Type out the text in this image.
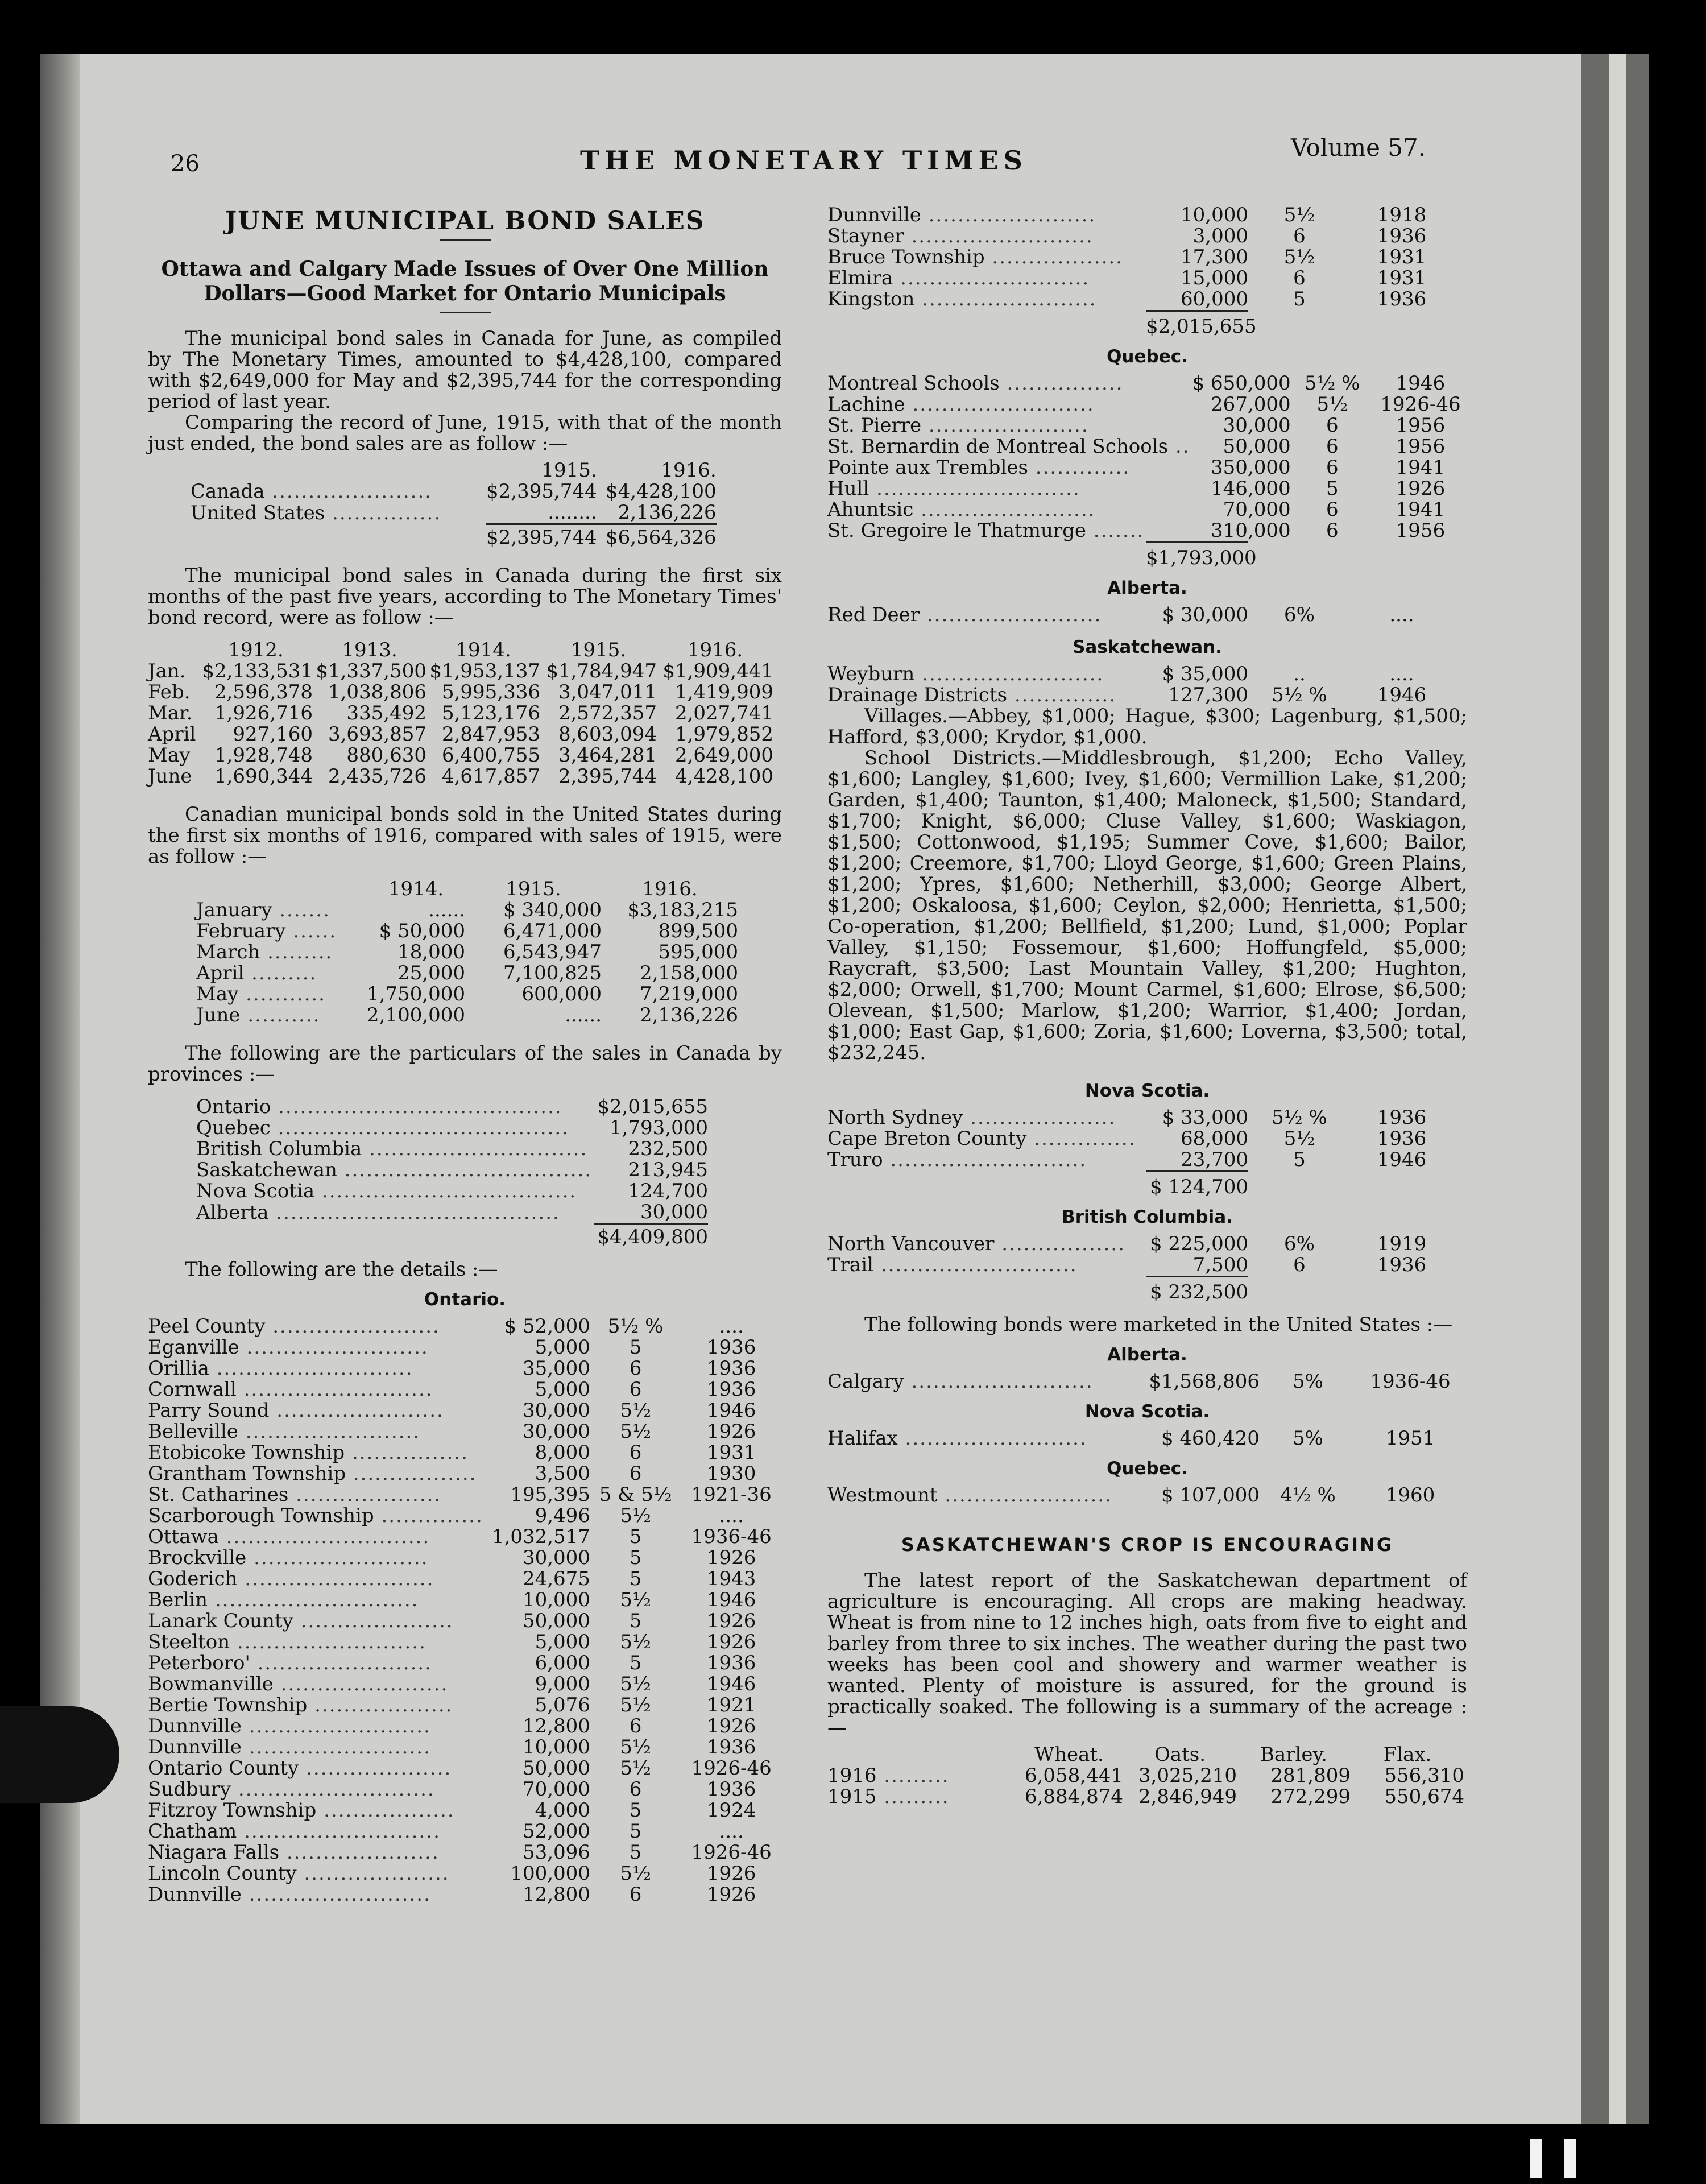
26	THE MONETARY TIMES	Volume 57.
JUNE MUNICIPAL BOND SALES
Ottawa and Calgary Made Issues of Over One Million
Dollars—Good Market for Ontario Municipals

The municipal bond sales in Canada for June, as compiled by The Monetary Times, amounted to $4,428,100, compared with $2,649,000 for May and $2,395,744 for the corresponding period of last year.

Comparing the record of June, 1915, with that of the month just ended, the bond sales are as follow :—

	1915.	1916.
Canada ......................	$2,395,744	$4,428,100
United States ...............	........	2,136,226
	$2,395,744	$6,564,326

The municipal bond sales in Canada during the first six months of the past five years, according to The Monetary Times' bond record, were as follow :—

	1912.	1913.	1914.	1915.	1916.
Jan.	$2,133,531	$1,337,500	$1,953,137	$1,784,947	$1,909,441
Feb.	2,596,378	1,038,806	5,995,336	3,047,011	1,419,909
Mar.	1,926,716	335,492	5,123,176	2,572,357	2,027,741
April	927,160	3,693,857	2,847,953	8,603,094	1,979,852
May	1,928,748	880,630	6,400,755	3,464,281	2,649,000
June	1,690,344	2,435,726	4,617,857	2,395,744	4,428,100

Canadian municipal bonds sold in the United States during the first six months of 1916, compared with sales of 1915, were as follow :—

	1914.	1915.	1916.
January .......	......	$ 340,000	$3,183,215
February ......	$ 50,000	6,471,000	899,500
March .........	18,000	6,543,947	595,000
April .........	25,000	7,100,825	2,158,000
May ...........	1,750,000	600,000	7,219,000
June ..........	2,100,000	......	2,136,226

The following are the particulars of the sales in Canada by provinces :—

Ontario .......................................	$2,015,655
Quebec ........................................	1,793,000
British Columbia ..............................	232,500
Saskatchewan ..................................	213,945
Nova Scotia ...................................	124,700
Alberta .......................................	30,000
	$4,409,800

The following are the details :—

Ontario.
Peel County .......................	$ 52,000	5½ %	....
Eganville .........................	5,000	5	1936
Orillia ...........................	35,000	6	1936
Cornwall ..........................	5,000	6	1936
Parry Sound .......................	30,000	5½	1946
Belleville ........................	30,000	5½	1926
Etobicoke Township ................	8,000	6	1931
Grantham Township .................	3,500	6	1930
St. Catharines ....................	195,395	5 & 5½	1921-36
Scarborough Township ..............	9,496	5½	....
Ottawa ............................	1,032,517	5	1936-46
Brockville ........................	30,000	5	1926
Goderich ..........................	24,675	5	1943
Berlin ............................	10,000	5½	1946
Lanark County .....................	50,000	5	1926
Steelton ..........................	5,000	5½	1926
Peterboro' ........................	6,000	5	1936
Bowmanville .......................	9,000	5½	1946
Bertie Township ...................	5,076	5½	1921
Dunnville .........................	12,800	6	1926
Dunnville .........................	10,000	5½	1936
Ontario County ....................	50,000	5½	1926-46
Sudbury ...........................	70,000	6	1936
Fitzroy Township ..................	4,000	5	1924
Chatham ...........................	52,000	5	....
Niagara Falls .....................	53,096	5	1926-46
Lincoln County ....................	100,000	5½	1926
Dunnville .........................	12,800	6	1926
Dunnville .......................	10,000	5½	1918
Stayner .........................	3,000	6	1936
Bruce Township ..................	17,300	5½	1931
Elmira ..........................	15,000	6	1931
Kingston ........................	60,000	5	1936
$2,015,655
Quebec.
Montreal Schools ................	$ 650,000	5½ %	1946
Lachine .........................	267,000	5½	1926-46
St. Pierre ......................	30,000	6	1956
St. Bernardin de Montreal Schools ..	50,000	6	1956
Pointe aux Trembles .............	350,000	6	1941
Hull ............................	146,000	5	1926
Ahuntsic ........................	70,000	6	1941
St. Gregoire le Thatmurge .......	310,000	6	1956
$1,793,000
Alberta.
Red Deer ........................	$ 30,000	6%	....
Saskatchewan.
Weyburn .........................	$ 35,000	..	....
Drainage Districts ..............	127,300	5½ %	1946

Villages.—Abbey, $1,000; Hague, $300; Lagenburg, $1,500; Hafford, $3,000; Krydor, $1,000.

School Districts.—Middlesbrough, $1,200; Echo Valley, $1,600; Langley, $1,600; Ivey, $1,600; Vermillion Lake, $1,200; Garden, $1,400; Taunton, $1,400; Maloneck, $1,500; Standard, $1,700; Knight, $6,000; Cluse Valley, $1,600; Waskiagon, $1,500; Cottonwood, $1,195; Summer Cove, $1,600; Bailor, $1,200; Creemore, $1,700; Lloyd George, $1,600; Green Plains, $1,200; Ypres, $1,600; Netherhill, $3,000; George Albert, $1,200; Oskaloosa, $1,600; Ceylon, $2,000; Henrietta, $1,500; Co-operation, $1,200; Bellfield, $1,200; Lund, $1,000; Poplar Valley, $1,150; Fossemour, $1,600; Hoffungfeld, $5,000; Raycraft, $3,500; Last Mountain Valley, $1,200; Hughton, $2,000; Orwell, $1,700; Mount Carmel, $1,600; Elrose, $6,500; Olevean, $1,500; Marlow, $1,200; Warrior, $1,400; Jordan, $1,000; East Gap, $1,600; Zoria, $1,600; Loverna, $3,500; total, $232,245.

Nova Scotia.
North Sydney ....................	$ 33,000	5½ %	1936
Cape Breton County ..............	68,000	5½	1936
Truro ...........................	23,700	5	1946
$ 124,700
British Columbia.
North Vancouver .................	$ 225,000	6%	1919
Trail ...........................	7,500	6	1936
$ 232,500

The following bonds were marketed in the United States :—

Alberta.
Calgary .........................	$1,568,806	5%	1936-46
Nova Scotia.
Halifax .........................	$ 460,420	5%	1951
Quebec.
Westmount .......................	$ 107,000	4½ %	1960
SASKATCHEWAN'S CROP IS ENCOURAGING

The latest report of the Saskatchewan department of agriculture is encouraging. All crops are making headway. Wheat is from nine to 12 inches high, oats from five to eight and barley from three to six inches. The weather during the past two weeks has been cool and showery and warmer weather is wanted. Plenty of moisture is assured, for the ground is practically soaked. The following is a summary of the acreage :—

	Wheat.	Oats.	Barley.	Flax.
1916 .........	6,058,441	3,025,210	281,809	556,310
1915 .........	6,884,874	2,846,949	272,299	550,674
